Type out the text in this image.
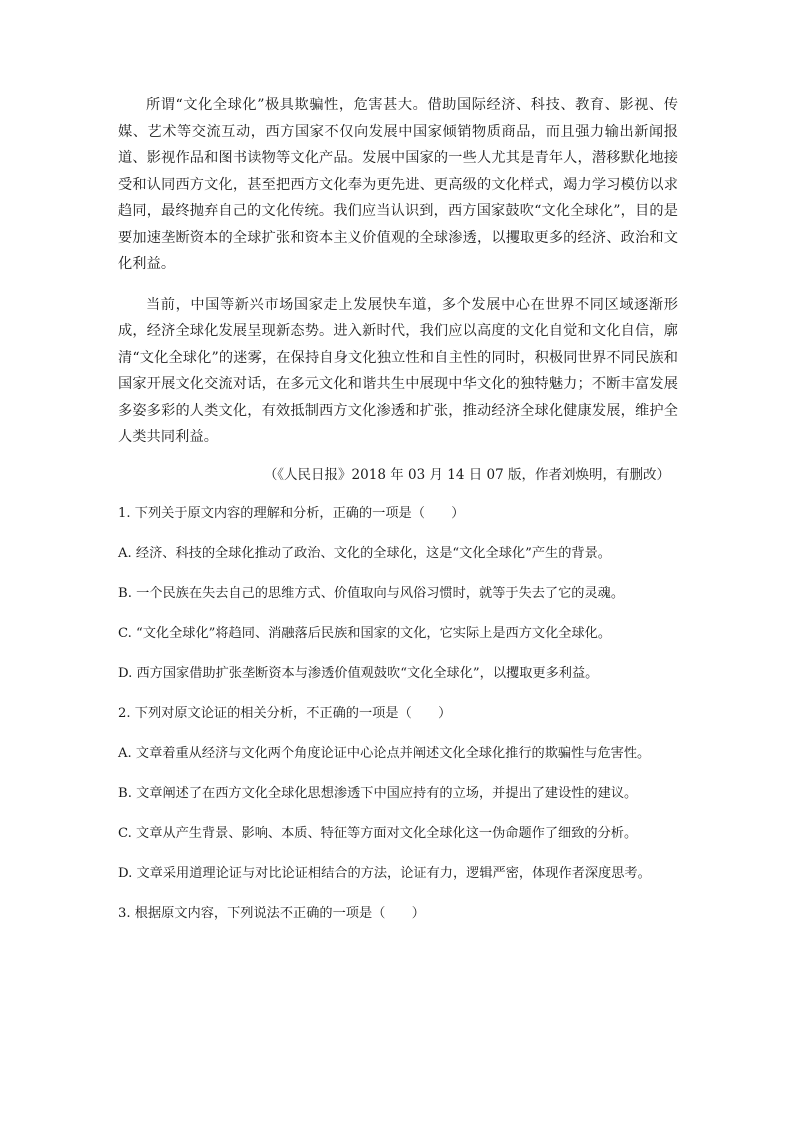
所谓“文化全球化”极具欺骗性，危害甚大。借助国际经济、科技、教育、影视、传媒、艺术等交流互动，西方国家不仅向发展中国家倾销物质商品，而且强力输出新闻报道、影视作品和图书读物等文化产品。发展中国家的一些人尤其是青年人，潜移默化地接受和认同西方文化，甚至把西方文化奉为更先进、更高级的文化样式，竭力学习模仿以求趋同，最终抛弃自己的文化传统。我们应当认识到，西方国家鼓吹“文化全球化”，目的是要加速垄断资本的全球扩张和资本主义价值观的全球渗透，以攫取更多的经济、政治和文化利益。

当前，中国等新兴市场国家走上发展快车道，多个发展中心在世界不同区域逐渐形成，经济全球化发展呈现新态势。进入新时代，我们应以高度的文化自觉和文化自信，廓清“文化全球化”的迷雾，在保持自身文化独立性和自主性的同时，积极同世界不同民族和国家开展文化交流对话，在多元文化和谐共生中展现中华文化的独特魅力；不断丰富发展多姿多彩的人类文化，有效抵制西方文化渗透和扩张，推动经济全球化健康发展，维护全人类共同利益。

（《人民日报》2018 年 03 月 14 日 07 版，作者刘焕明，有删改）

1. 下列关于原文内容的理解和分析，正确的一项是（　　）

A. 经济、科技的全球化推动了政治、文化的全球化，这是“文化全球化”产生的背景。

B. 一个民族在失去自己的思维方式、价值取向与风俗习惯时，就等于失去了它的灵魂。

C. “文化全球化”将趋同、消融落后民族和国家的文化，它实际上是西方文化全球化。

D. 西方国家借助扩张垄断资本与渗透价值观鼓吹“文化全球化”，以攫取更多利益。

2. 下列对原文论证的相关分析，不正确的一项是（　　）

A. 文章着重从经济与文化两个角度论证中心论点并阐述文化全球化推行的欺骗性与危害性。

B. 文章阐述了在西方文化全球化思想渗透下中国应持有的立场，并提出了建设性的建议。

C. 文章从产生背景、影响、本质、特征等方面对文化全球化这一伪命题作了细致的分析。

D. 文章采用道理论证与对比论证相结合的方法，论证有力，逻辑严密，体现作者深度思考。

3. 根据原文内容，下列说法不正确的一项是（　　）
